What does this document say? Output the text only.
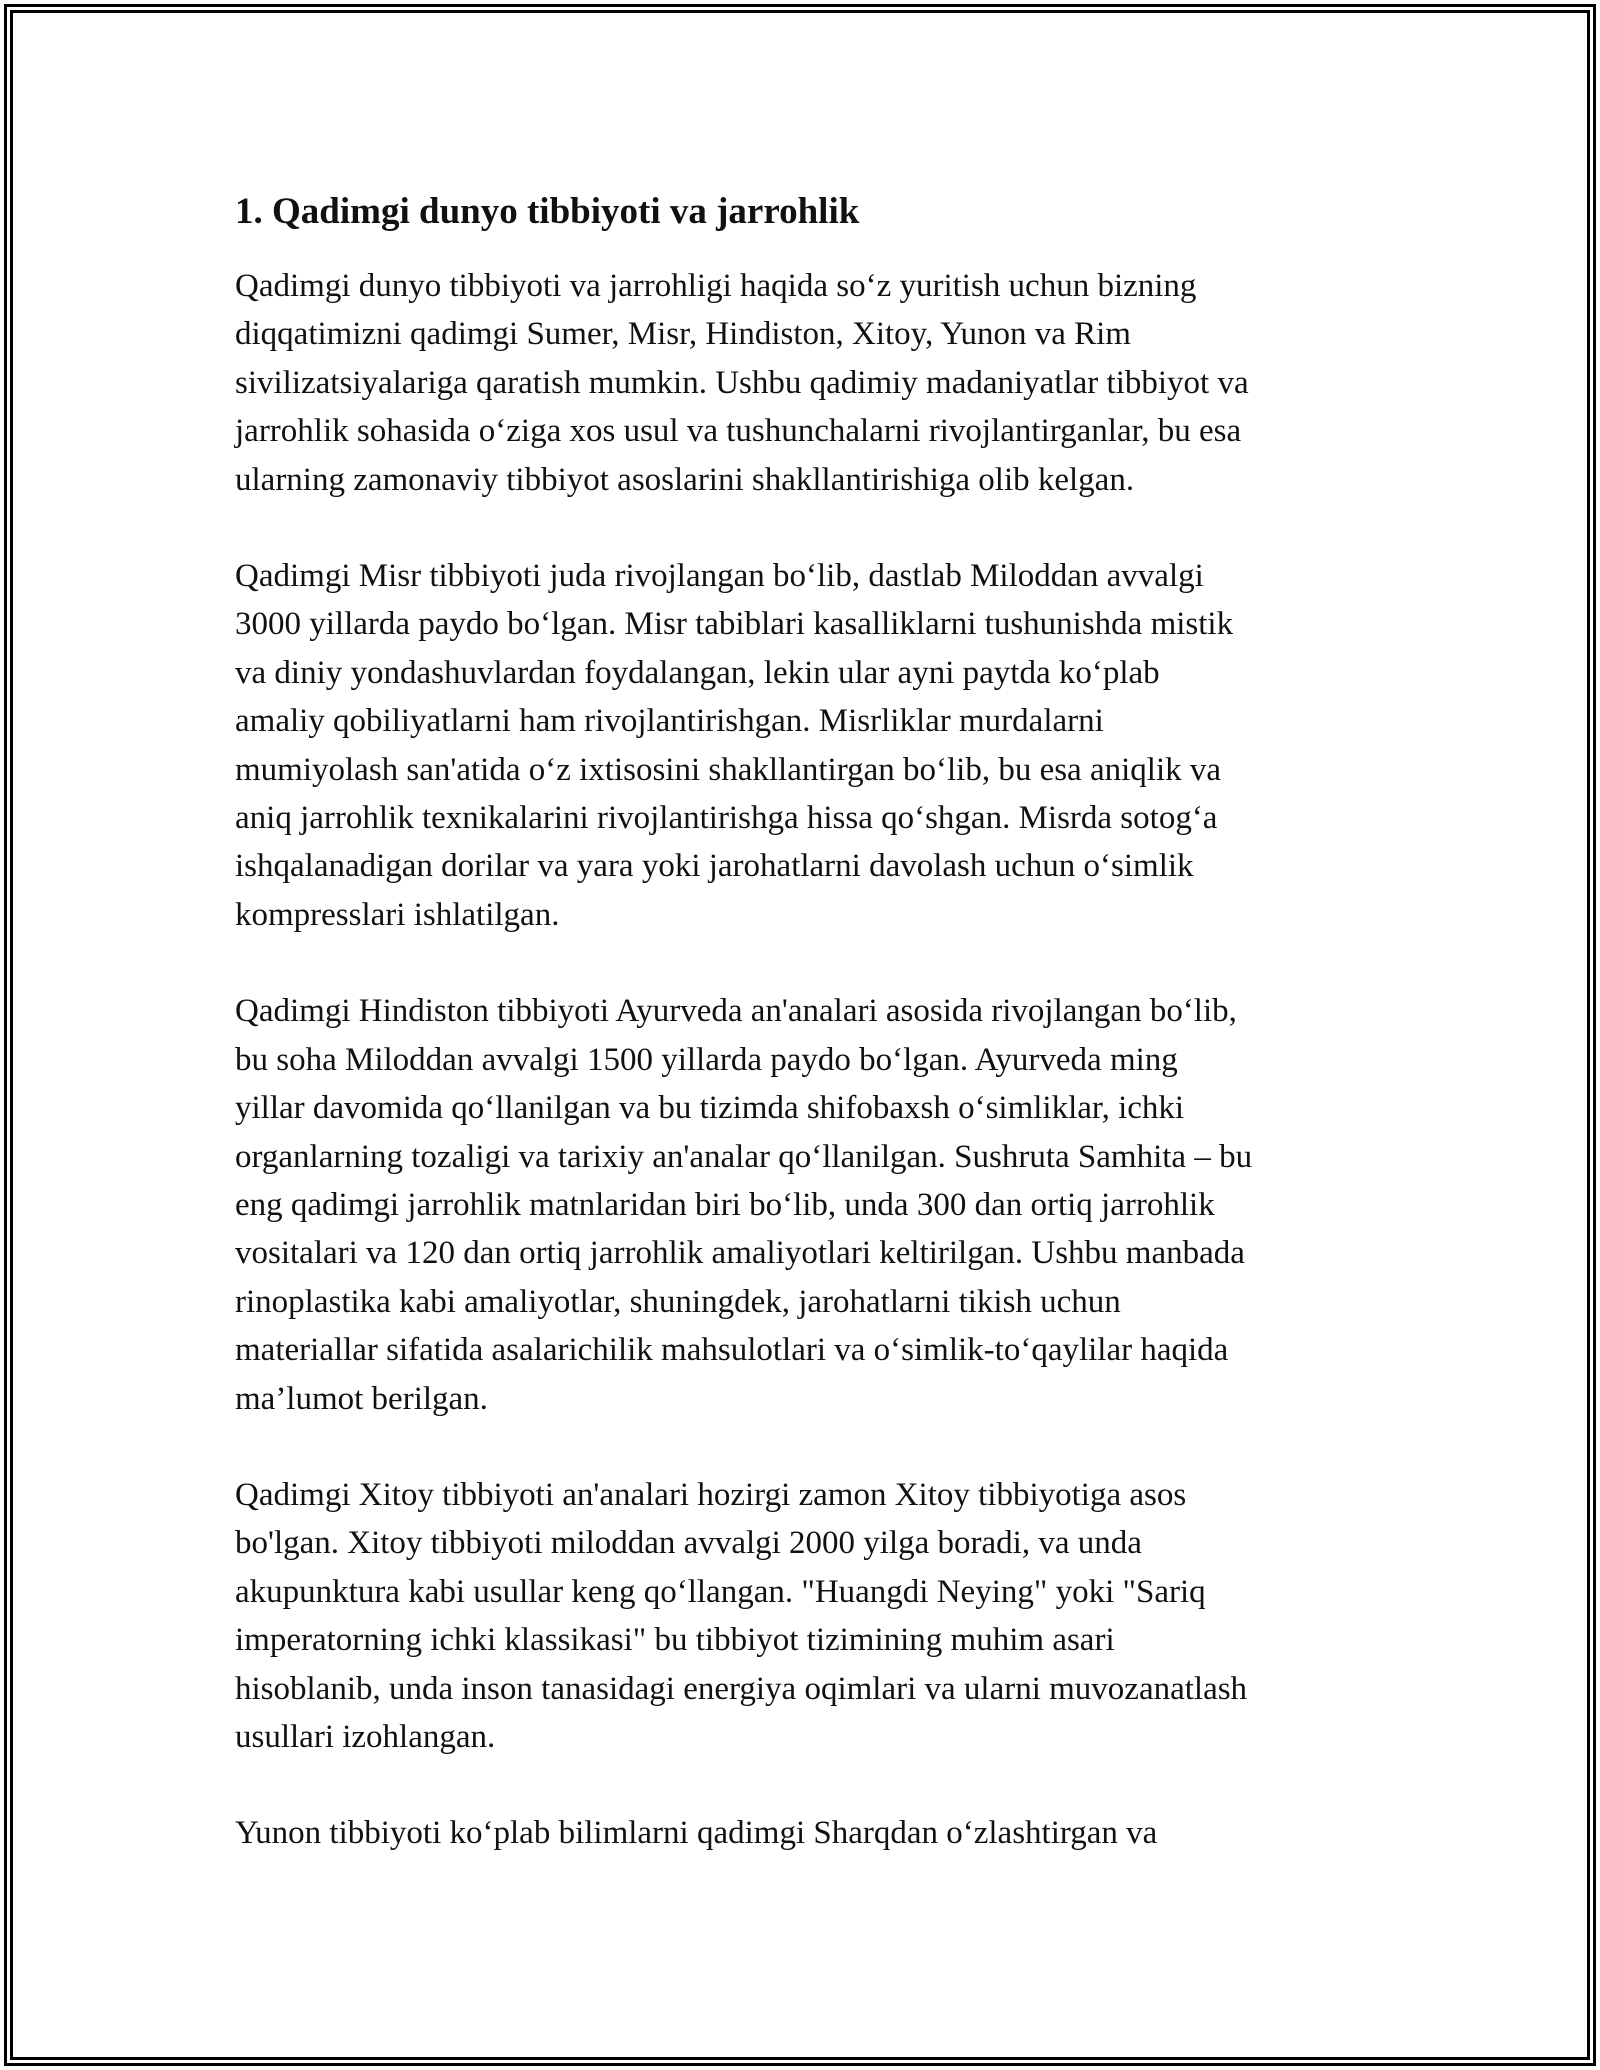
1. Qadimgi dunyo tibbiyoti va jarrohlik

Qadimgi dunyo tibbiyoti va jarrohligi haqida so‘z yuritish uchun bizning
diqqatimizni qadimgi Sumer, Misr, Hindiston, Xitoy, Yunon va Rim
sivilizatsiyalariga qaratish mumkin. Ushbu qadimiy madaniyatlar tibbiyot va
jarrohlik sohasida o‘ziga xos usul va tushunchalarni rivojlantirganlar, bu esa
ularning zamonaviy tibbiyot asoslarini shakllantirishiga olib kelgan.

Qadimgi Misr tibbiyoti juda rivojlangan bo‘lib, dastlab Miloddan avvalgi
3000 yillarda paydo bo‘lgan. Misr tabiblari kasalliklarni tushunishda mistik
va diniy yondashuvlardan foydalangan, lekin ular ayni paytda ko‘plab
amaliy qobiliyatlarni ham rivojlantirishgan. Misrliklar murdalarni
mumiyolash san'atida o‘z ixtisosini shakllantirgan bo‘lib, bu esa aniqlik va
aniq jarrohlik texnikalarini rivojlantirishga hissa qo‘shgan. Misrda sotog‘a
ishqalanadigan dorilar va yara yoki jarohatlarni davolash uchun o‘simlik
kompresslari ishlatilgan.

Qadimgi Hindiston tibbiyoti Ayurveda an'analari asosida rivojlangan bo‘lib,
bu soha Miloddan avvalgi 1500 yillarda paydo bo‘lgan. Ayurveda ming
yillar davomida qo‘llanilgan va bu tizimda shifobaxsh o‘simliklar, ichki
organlarning tozaligi va tarixiy an'analar qo‘llanilgan. Sushruta Samhita – bu
eng qadimgi jarrohlik matnlaridan biri bo‘lib, unda 300 dan ortiq jarrohlik
vositalari va 120 dan ortiq jarrohlik amaliyotlari keltirilgan. Ushbu manbada
rinoplastika kabi amaliyotlar, shuningdek, jarohatlarni tikish uchun
materiallar sifatida asalarichilik mahsulotlari va o‘simlik-to‘qaylilar haqida
ma’lumot berilgan.

Qadimgi Xitoy tibbiyoti an'analari hozirgi zamon Xitoy tibbiyotiga asos
bo'lgan. Xitoy tibbiyoti miloddan avvalgi 2000 yilga boradi, va unda
akupunktura kabi usullar keng qo‘llangan. "Huangdi Neying" yoki "Sariq
imperatorning ichki klassikasi" bu tibbiyot tizimining muhim asari
hisoblanib, unda inson tanasidagi energiya oqimlari va ularni muvozanatlash
usullari izohlangan.

Yunon tibbiyoti ko‘plab bilimlarni qadimgi Sharqdan o‘zlashtirgan va
